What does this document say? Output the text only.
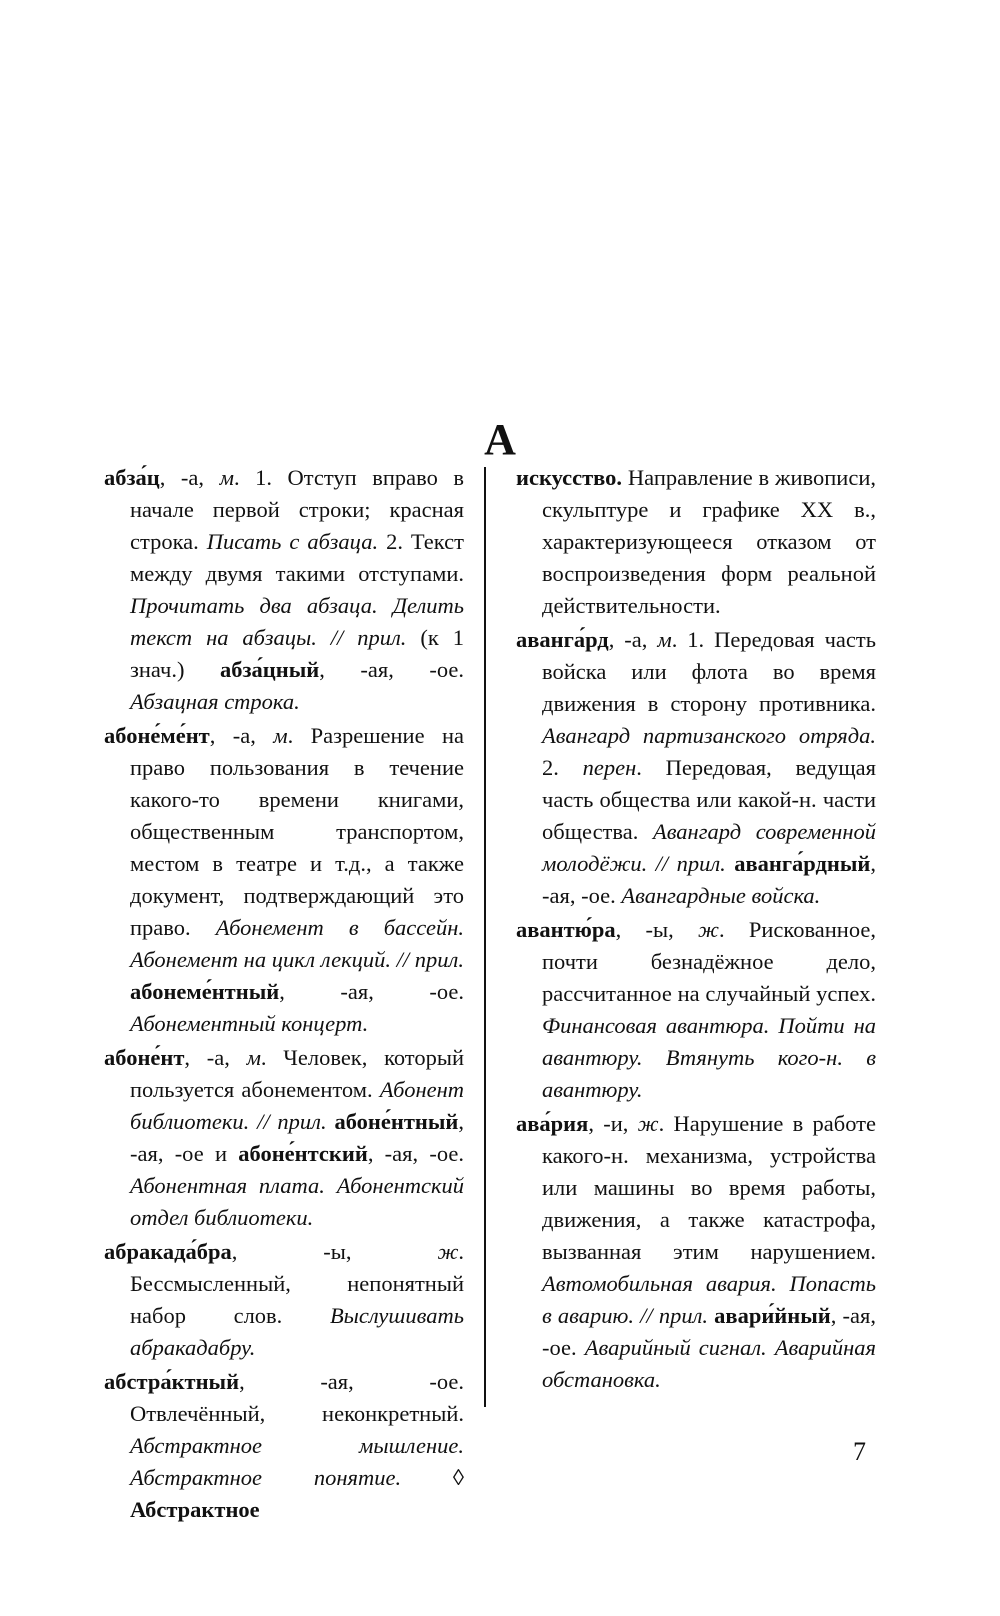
А

абза́ц, -а, м. 1. Отступ вправо в начале первой строки; красная строка. Писать с абзаца. 2. Текст между двумя такими отступами. Прочитать два абзаца. Делить текст на абзацы. // прил. (к 1 знач.) абза́цный, -ая, -ое. Абзацная строка.

абоне́ме́нт, -а, м. Разрешение на право пользования в течение какого-то времени книгами, общественным транспортом, местом в театре и т.д., а также документ, подтверждающий это право. Абонемент в бассейн. Абонемент на цикл лекций. // прил. абонеме́нтный, -ая, -ое. Абонементный концерт.

абоне́нт, -а, м. Человек, который пользуется абонементом. Абонент библиотеки. // прил. абоне́нтный, -ая, -ое и абоне́нтский, -ая, -ое. Абонентная плата. Абонентский отдел библиотеки.

абракада́бра, -ы, ж. Бессмысленный, непонятный набор слов. Выслушивать абракадабру.

абстра́ктный, -ая, -ое. Отвлечённый, неконкретный. Абстрактное мышление. Абстрактное понятие. ◊ Абстрактное

искусство. Направление в живописи, скульптуре и графике XX в., характеризующееся отказом от воспроизведения форм реальной действительности.

аванга́рд, -а, м. 1. Передовая часть войска или флота во время движения в сторону противника. Авангард партизанского отряда. 2. перен. Передовая, ведущая часть общества или какой-н. части общества. Авангард современной молодёжи. // прил. аванга́рдный, -ая, -ое. Авангардные войска.

авантю́ра, -ы, ж. Рискованное, почти безнадёжное дело, рассчитанное на случайный успех. Финансовая авантюра. Пойти на авантюру. Втянуть кого-н. в авантюру.

ава́рия, -и, ж. Нарушение в работе какого-н. механизма, устройства или машины во время работы, движения, а также катастрофа, вызванная этим нарушением. Автомобильная авария. Попасть в аварию. // прил. авари́йный, -ая, -ое. Аварийный сигнал. Аварийная обстановка.

7
